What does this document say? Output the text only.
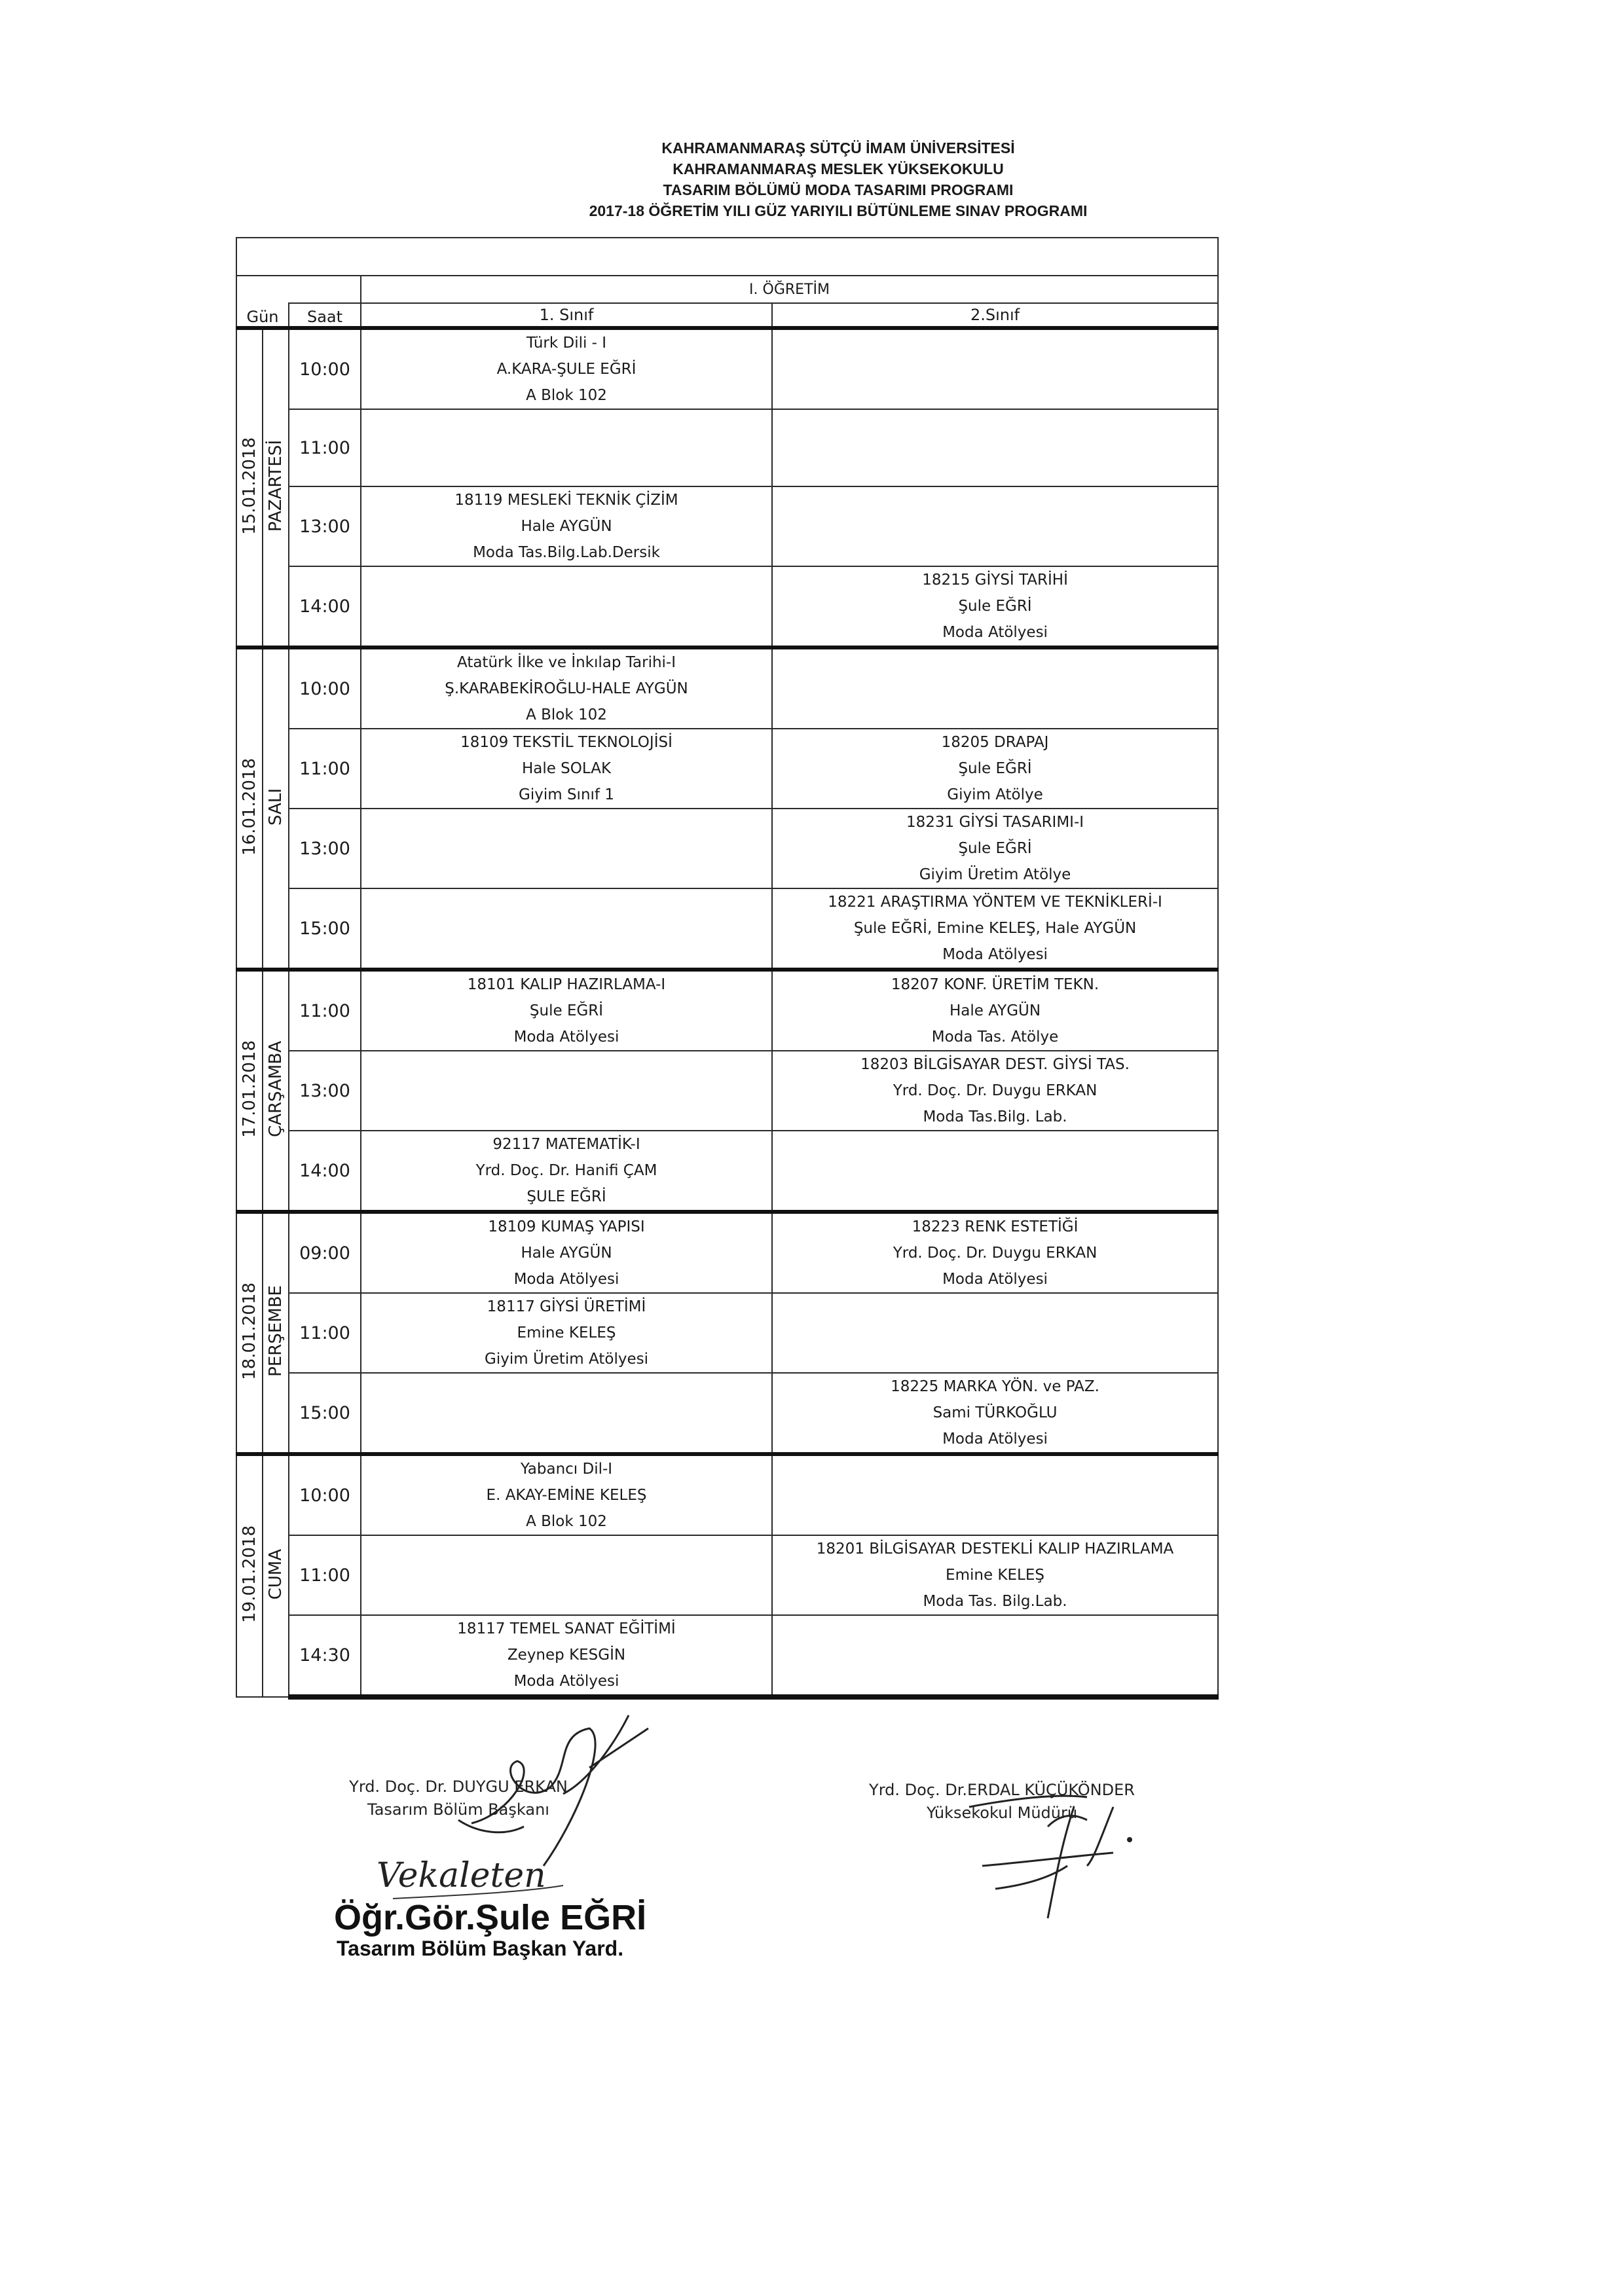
KAHRAMANMARAŞ SÜTÇÜ İMAM ÜNİVERSİTESİ
KAHRAMANMARAŞ MESLEK YÜKSEKOKULU
TASARIM BÖLÜMÜ MODA TASARIMI PROGRAMI
2017-18 ÖĞRETİM YILI GÜZ YARIYILI BÜTÜNLEME SINAV PROGRAMI

			I. ÖĞRETİM	
Gün		Saat	1. Sınıf	2.Sınıf
15.01.2018	PAZARTESİ	10:00	Türk Dili - I
A.KARA-ŞULE EĞRİ
A Blok 102	

		11:00		
		13:00	18119 MESLEKİ TEKNİK ÇİZİM
Hale AYGÜN
Moda Tas.Bilg.Lab.Dersik	

		14:00		18215 GİYSİ TARİHİ
Şule EĞRİ
Moda Atölyesi

16.01.2018	SALI	10:00	Atatürk İlke ve İnkılap Tarihi-I
Ş.KARABEKİROĞLU-HALE AYGÜN
A Blok 102	

		11:00	18109 TEKSTİL TEKNOLOJİSİ
Hale SOLAK
Giyim Sınıf 1	18205 DRAPAJ
Şule EĞRİ
Giyim Atölye

		13:00		18231 GİYSİ TASARIMI-I
Şule EĞRİ
Giyim Üretim Atölye

		15:00		18221 ARAŞTIRMA YÖNTEM VE TEKNİKLERİ-I
Şule EĞRİ, Emine KELEŞ, Hale AYGÜN
Moda Atölyesi

17.01.2018	ÇARŞAMBA	11:00	18101 KALIP HAZIRLAMA-I
Şule EĞRİ
Moda Atölyesi	18207 KONF. ÜRETİM TEKN.
Hale AYGÜN
Moda Tas. Atölye

		13:00		18203 BİLGİSAYAR DEST. GİYSİ TAS.
Yrd. Doç. Dr. Duygu ERKAN
Moda Tas.Bilg. Lab.

		14:00	92117 MATEMATİK-I
Yrd. Doç. Dr. Hanifi ÇAM
ŞULE EĞRİ	

18.01.2018	PERŞEMBE	09:00	18109 KUMAŞ YAPISI
Hale AYGÜN
Moda Atölyesi	18223 RENK ESTETİĞİ
Yrd. Doç. Dr. Duygu ERKAN
Moda Atölyesi

		11:00	18117 GİYSİ ÜRETİMİ
Emine KELEŞ
Giyim Üretim Atölyesi	

		15:00		18225 MARKA YÖN. ve PAZ.
Sami TÜRKOĞLU
Moda Atölyesi

19.01.2018	CUMA	10:00	Yabancı Dil-I
E. AKAY-EMİNE KELEŞ
A Blok 102	

		11:00		18201 BİLGİSAYAR DESTEKLİ KALIP HAZIRLAMA
Emine KELEŞ
Moda Tas. Bilg.Lab.

		14:30	18117 TEMEL SANAT EĞİTİMİ
Zeynep KESGİN
Moda Atölyesi	

Yrd. Doç. Dr. DUYGU ERKAN
Tasarım Bölüm Başkanı
Yrd. Doç. Dr.ERDAL KÜÇÜKÖNDER
Yüksekokul Müdürü
Vekaleten
Öğr.Gör.Şule EĞRİ
Tasarım Bölüm Başkan Yard.
